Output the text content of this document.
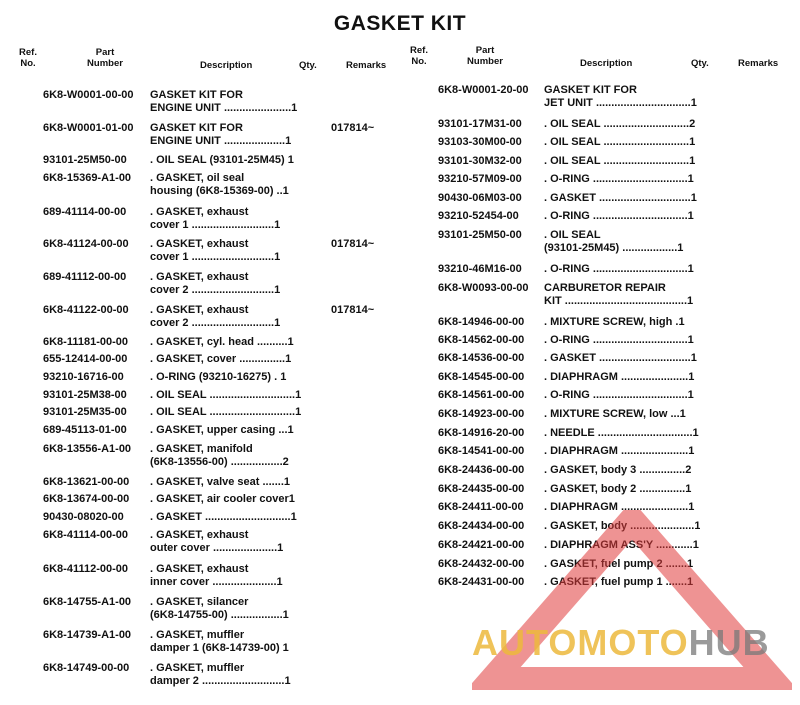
GASKET KIT
Ref.
No.
Part
Number	Description	Qty.	Remarks
Ref.
No.
Part
Number	Description	Qty.	Remarks
6K8-W0001-00-00 GASKET KIT FOR
ENGINE UNIT ......................1
6K8-W0001-01-00 GASKET KIT FOR
ENGINE UNIT ....................1
017814~
93101-25M50-00 . OIL SEAL (93101-25M45) 1
6K8-15369-A1-00 . GASKET, oil seal
housing (6K8-15369-00) ..1
689-41114-00-00 . GASKET, exhaust
cover 1 ...........................1
6K8-41124-00-00 . GASKET, exhaust
cover 1 ...........................1
017814~
689-41112-00-00 . GASKET, exhaust
cover 2 ...........................1
6K8-41122-00-00 . GASKET, exhaust
cover 2 ...........................1
017814~
6K8-11181-00-00 . GASKET, cyl. head ..........1
655-12414-00-00 . GASKET, cover ...............1
93210-16716-00 . O-RING (93210-16275) . 1
93101-25M38-00 . OIL SEAL ............................1
93101-25M35-00 . OIL SEAL ............................1
689-45113-01-00 . GASKET, upper casing ...1
6K8-13556-A1-00 . GASKET, manifold
(6K8-13556-00) .................2
6K8-13621-00-00 . GASKET, valve seat .......1
6K8-13674-00-00 . GASKET, air cooler cover1
90430-08020-00 . GASKET ............................1
6K8-41114-00-00 . GASKET, exhaust
outer cover .....................1
6K8-41112-00-00 . GASKET, exhaust
inner cover .....................1
6K8-14755-A1-00 . GASKET, silancer
(6K8-14755-00) .................1
6K8-14739-A1-00 . GASKET, muffler
damper 1 (6K8-14739-00) 1
6K8-14749-00-00 . GASKET, muffler
damper 2 ...........................1
6K8-W0001-20-00 GASKET KIT FOR
JET UNIT ...............................1
93101-17M31-00 . OIL SEAL ............................2
93103-30M00-00 . OIL SEAL ............................1
93101-30M32-00 . OIL SEAL ............................1
93210-57M09-00 . O-RING ...............................1
90430-06M03-00 . GASKET ..............................1
93210-52454-00 . O-RING ...............................1
93101-25M50-00 . OIL SEAL
(93101-25M45) ..................1
93210-46M16-00 . O-RING ...............................1
6K8-W0093-00-00 CARBURETOR REPAIR
KIT ........................................1
6K8-14946-00-00 . MIXTURE SCREW, high .1
6K8-14562-00-00 . O-RING ...............................1
6K8-14536-00-00 . GASKET ..............................1
6K8-14545-00-00 . DIAPHRAGM ......................1
6K8-14561-00-00 . O-RING ...............................1
6K8-14923-00-00 . MIXTURE SCREW, low ...1
6K8-14916-20-00 . NEEDLE ...............................1
6K8-14541-00-00 . DIAPHRAGM ......................1
6K8-24436-00-00 . GASKET, body 3 ...............2
6K8-24435-00-00 . GASKET, body 2 ...............1
6K8-24411-00-00 . DIAPHRAGM ......................1
6K8-24434-00-00 . GASKET, body .....................1
6K8-24421-00-00 . DIAPHRAGM ASS'Y ............1
6K8-24432-00-00 . GASKET, fuel pump 2 .......1
6K8-24431-00-00 . GASKET, fuel pump 1 .......1
AUTOMOTOHUB
